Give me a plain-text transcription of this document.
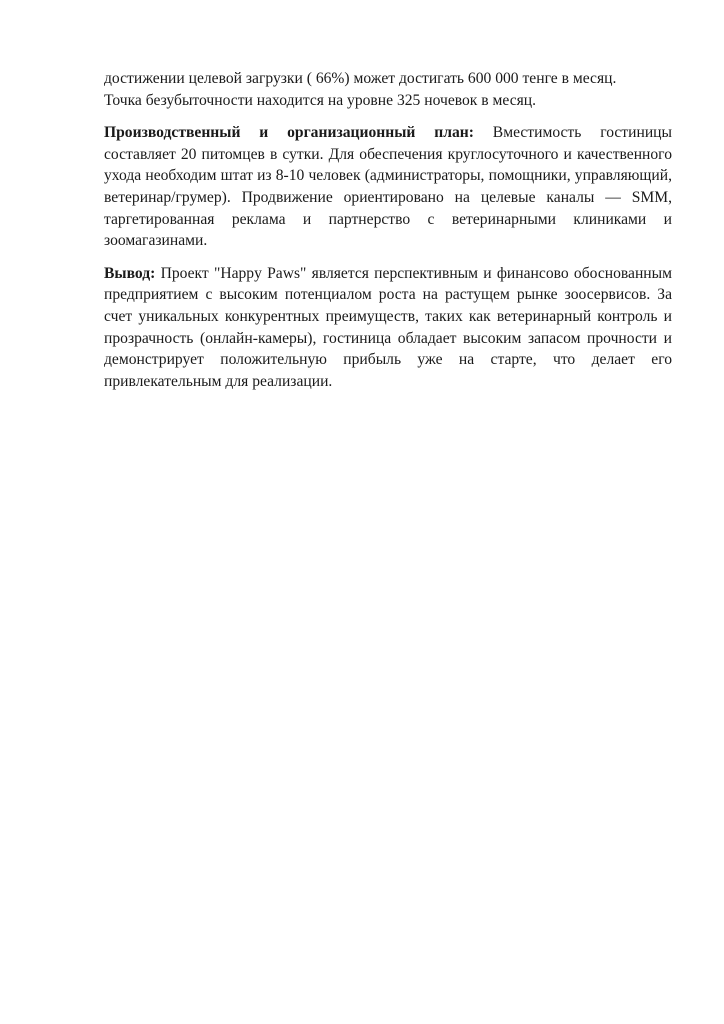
достижении целевой загрузки ( 66%) может достигать 600 000 тенге в месяц.
Точка безубыточности находится на уровне 325 ночевок в месяц.

Производственный и организационный план: Вместимость гостиницы составляет 20 питомцев в сутки. Для обеспечения круглосуточного и качественного ухода необходим штат из 8-10 человек (администраторы, помощники, управляющий, ветеринар/грумер). Продвижение ориентировано на целевые каналы — SMM, таргетированная реклама и партнерство с ветеринарными клиниками и зоомагазинами.

Вывод: Проект "Happy Paws" является перспективным и финансово обоснованным предприятием с высоким потенциалом роста на растущем рынке зоосервисов. За счет уникальных конкурентных преимуществ, таких как ветеринарный контроль и прозрачность (онлайн-камеры), гостиница обладает высоким запасом прочности и демонстрирует положительную прибыль уже на старте, что делает его привлекательным для реализации.
